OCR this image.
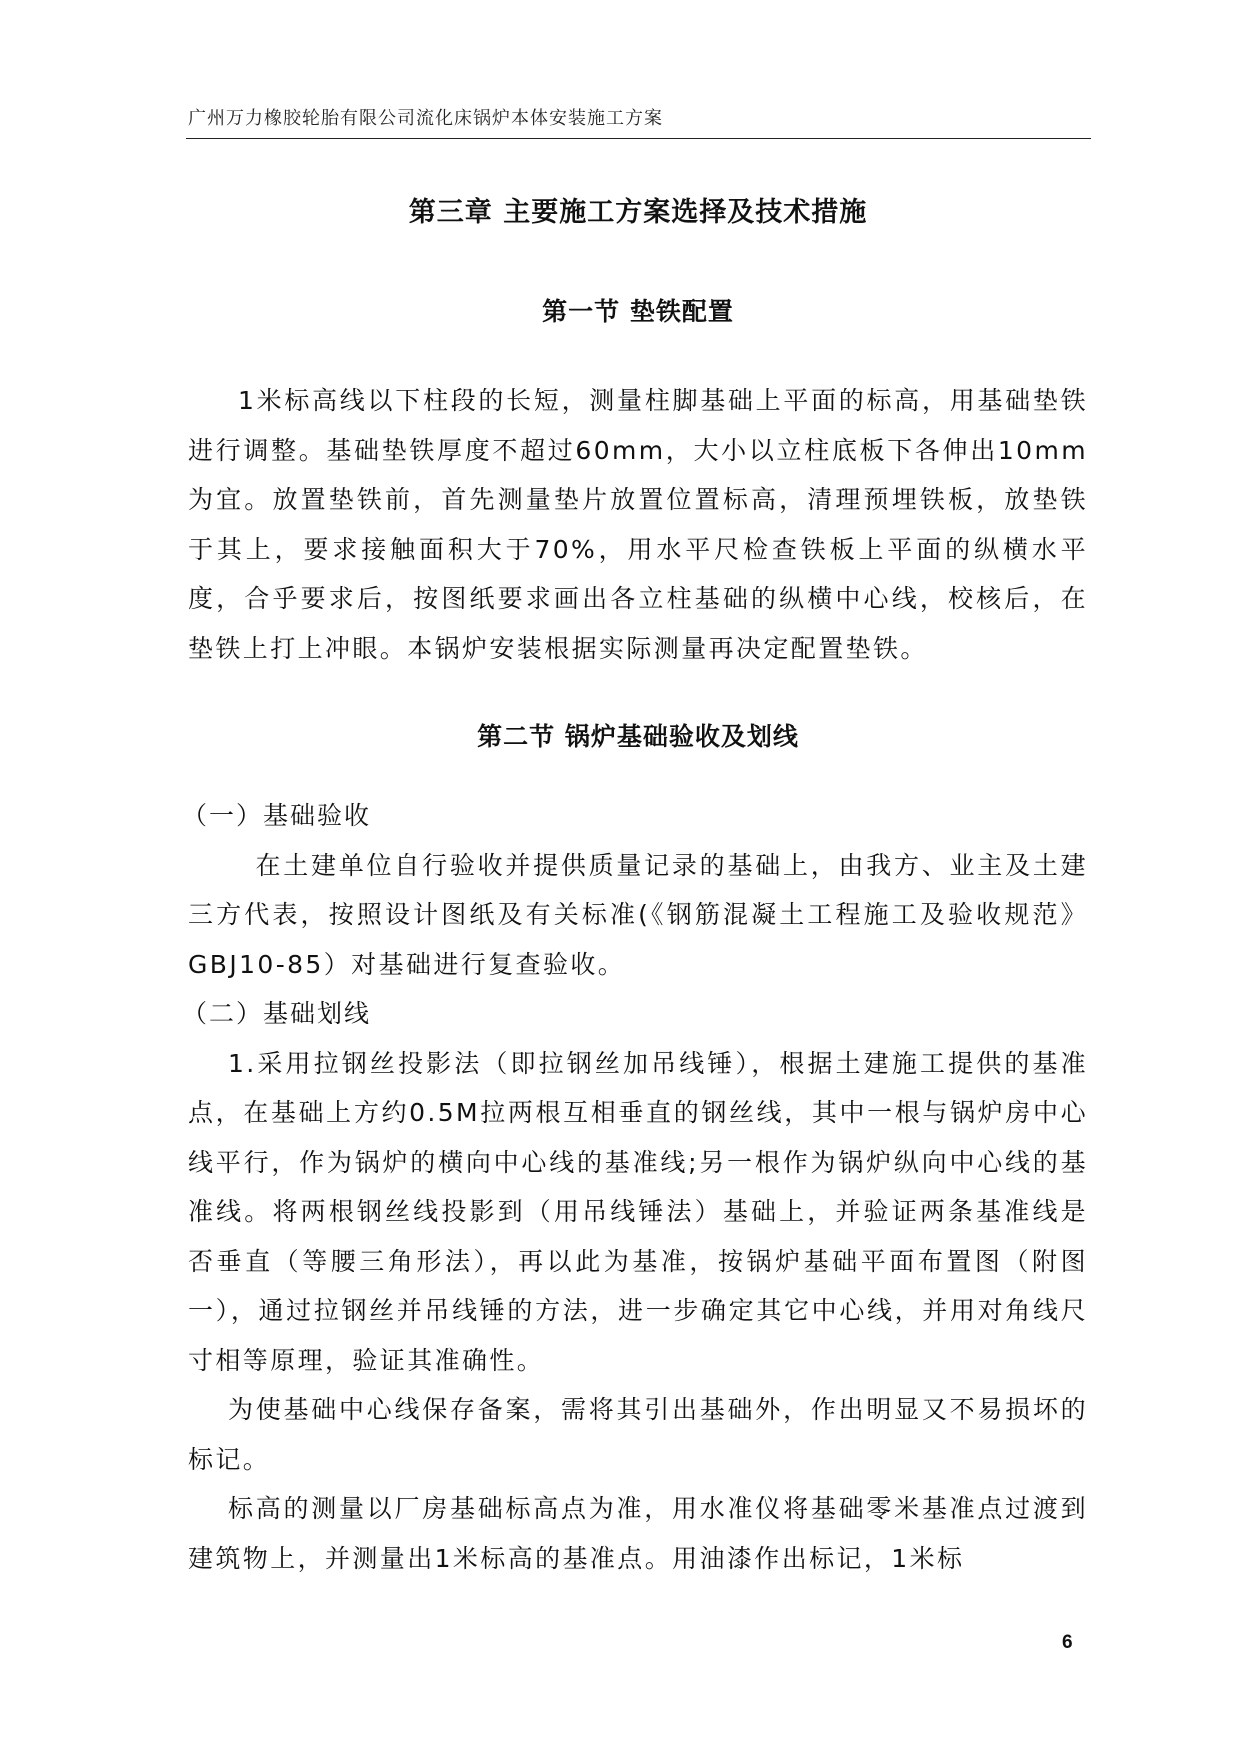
广州万力橡胶轮胎有限公司流化床锅炉本体安装施工方案
第三章 主要施工方案选择及技术措施
第一节 垫铁配置

1米标高线以下柱段的长短，测量柱脚基础上平面的标高，用基础垫铁进行调整。基础垫铁厚度不超过60mm，大小以立柱底板下各伸出10mm为宜。放置垫铁前，首先测量垫片放置位置标高，清理预埋铁板，放垫铁于其上，要求接触面积大于70%，用水平尺检查铁板上平面的纵横水平度，合乎要求后，按图纸要求画出各立柱基础的纵横中心线，校核后，在垫铁上打上冲眼。本锅炉安装根据实际测量再决定配置垫铁。

第二节 锅炉基础验收及划线

（一）基础验收

在土建单位自行验收并提供质量记录的基础上，由我方、业主及土建三方代表，按照设计图纸及有关标准(《钢筋混凝土工程施工及验收规范》GBJ10-85）对基础进行复查验收。

（二）基础划线

1.采用拉钢丝投影法（即拉钢丝加吊线锤），根据土建施工提供的基准点，在基础上方约0.5M拉两根互相垂直的钢丝线，其中一根与锅炉房中心线平行，作为锅炉的横向中心线的基准线;另一根作为锅炉纵向中心线的基准线。将两根钢丝线投影到（用吊线锤法）基础上，并验证两条基准线是否垂直（等腰三角形法），再以此为基准，按锅炉基础平面布置图（附图一），通过拉钢丝并吊线锤的方法，进一步确定其它中心线，并用对角线尺寸相等原理，验证其准确性。

为使基础中心线保存备案，需将其引出基础外，作出明显又不易损坏的标记。

标高的测量以厂房基础标高点为准，用水准仪将基础零米基准点过渡到建筑物上，并测量出1米标高的基准点。用油漆作出标记，1米标

6
